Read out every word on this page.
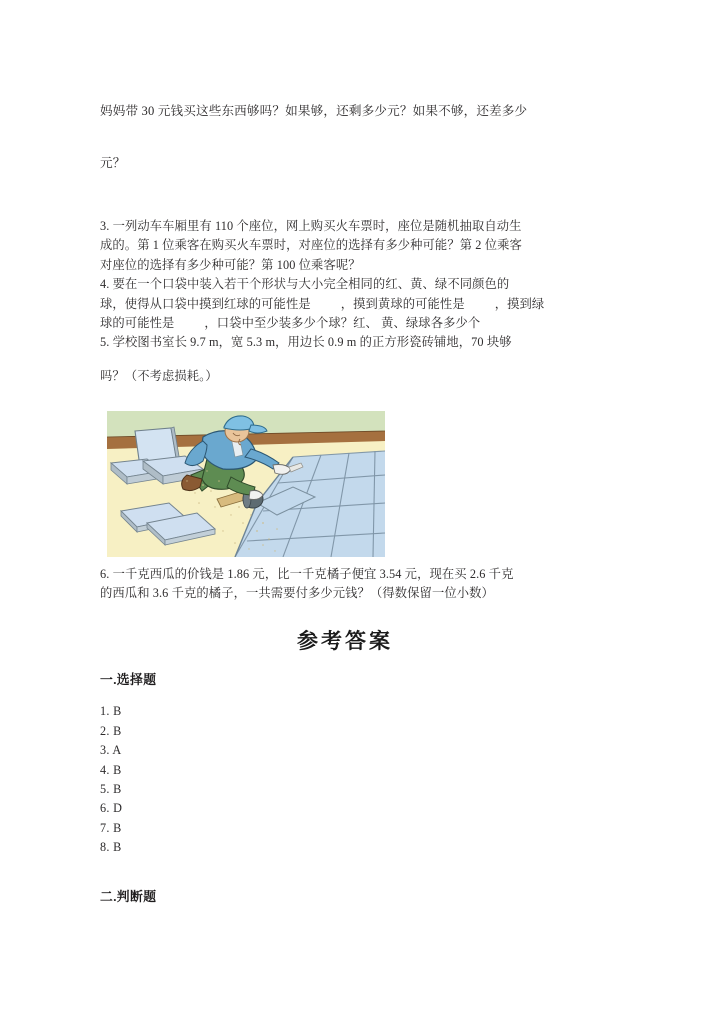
妈妈带 30 元钱买这些东西够吗？如果够，还剩多少元？如果不够，还差多少
元？
3. 一列动车车厢里有 110 个座位，网上购买火车票时，座位是随机抽取自动生
成的。第 1 位乘客在购买火车票时，对座位的选择有多少种可能？第 2 位乘客
对座位的选择有多少种可能？第 100 位乘客呢？
4. 要在一个口袋中装入若干个形状与大小完全相同的红、黄、绿不同颜色的
球，使得从口袋中摸到红球的可能性是 ，摸到黄球的可能性是 ，摸到绿
球的可能性是 ，口袋中至少装多少个球？红、 黄、绿球各多少个
5. 学校图书室长 9.7 m，宽 5.3 m，用边长 0.9 m 的正方形瓷砖铺地，70 块够
吗？（不考虑损耗。）
6. 一千克西瓜的价钱是 1.86 元，比一千克橘子便宜 3.54 元，现在买 2.6 千克
的西瓜和 3.6 千克的橘子，一共需要付多少元钱？（得数保留一位小数）
参考答案
一.选择题
1. B
2. B
3. A
4. B
5. B
6. D
7. B
8. B
二.判断题
